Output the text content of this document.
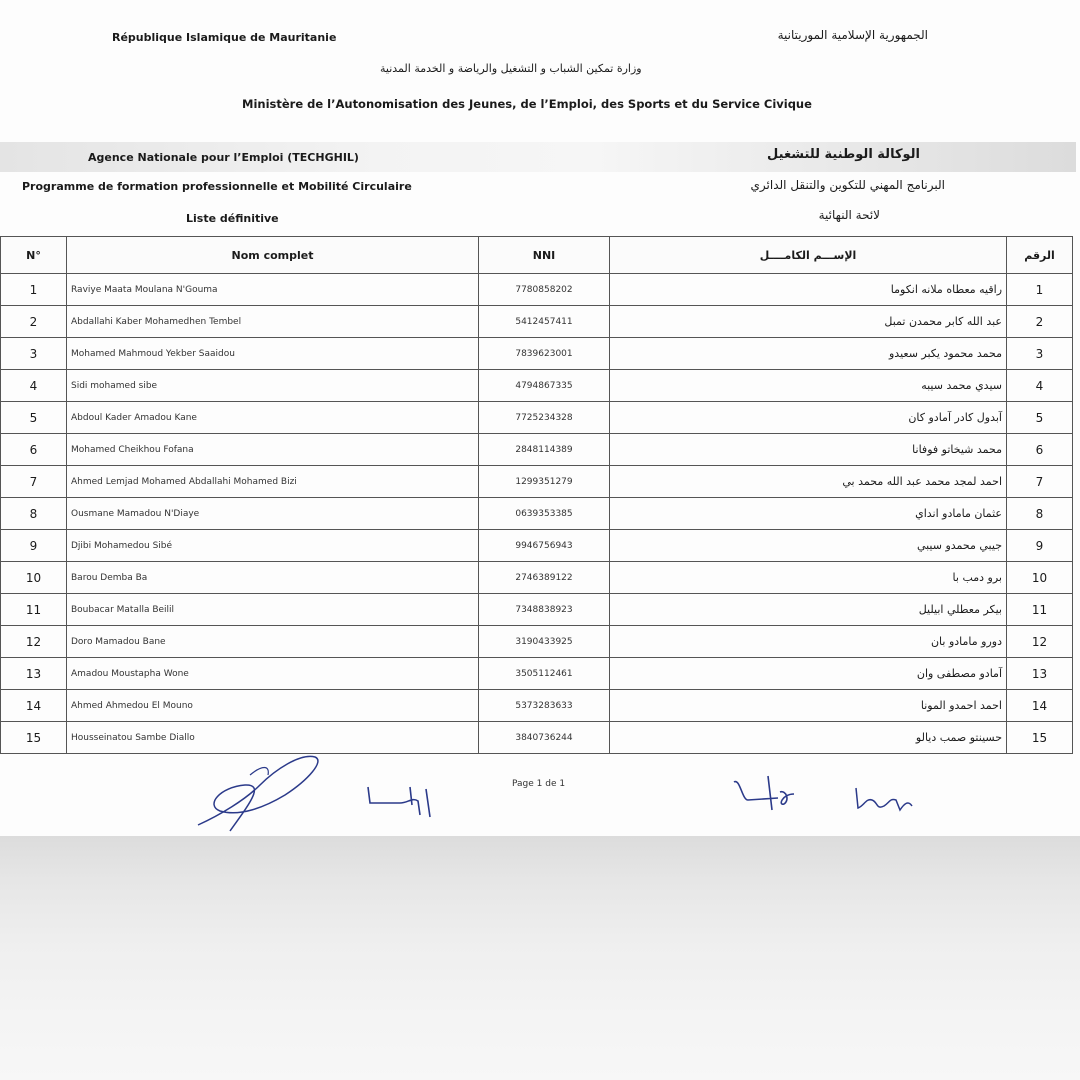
République Islamique de Mauritanie	الجمهورية الإسلامية الموريتانية
وزارة تمكين الشباب و التشغيل والرياضة و الخدمة المدنية
Ministère de l’Autonomisation des Jeunes, de l’Emploi, des Sports et du Service Civique
Agence Nationale pour l’Emploi (TECHGHIL)	الوكالة الوطنية للتشغيل
Programme de formation professionnelle et Mobilité Circulaire	البرنامج المهني للتكوين والتنقل الدائري
Liste définitive	لائحة النهائية
N°	Nom complet	NNI	الإســـم الكامــــل	الرقم
1	Raviye Maata Moulana N'Gouma	7780858202	راقيه معطاه ملانه انكوما	1
2	Abdallahi Kaber Mohamedhen Tembel	5412457411	عبد الله كابر محمدن تمبل	2
3	Mohamed Mahmoud Yekber Saaidou	7839623001	محمد محمود يكبر سعيدو	3
4	Sidi mohamed sibe	4794867335	سيدي محمد سيبه	4
5	Abdoul Kader Amadou Kane	7725234328	آبدول كادر آمادو كان	5
6	Mohamed Cheikhou Fofana	2848114389	محمد شيخاتو فوفانا	6
7	Ahmed Lemjad Mohamed Abdallahi Mohamed Bizi	1299351279	احمد لمجد محمد عبد الله محمد بي	7
8	Ousmane Mamadou N'Diaye	0639353385	عثمان مامادو انداي	8
9	Djibi Mohamedou Sibé	9946756943	جيبي محمدو سيبي	9
10	Barou Demba Ba	2746389122	برو دمب با	10
11	Boubacar Matalla Beilil	7348838923	بيكر معطلي ابيليل	11
12	Doro Mamadou Bane	3190433925	دورو مامادو بان	12
13	Amadou Moustapha Wone	3505112461	آمادو مصطفى وان	13
14	Ahmed Ahmedou El Mouno	5373283633	احمد احمدو المونا	14
15	Housseinatou Sambe Diallo	3840736244	حسينتو صمب ديالو	15
Page 1 de 1
